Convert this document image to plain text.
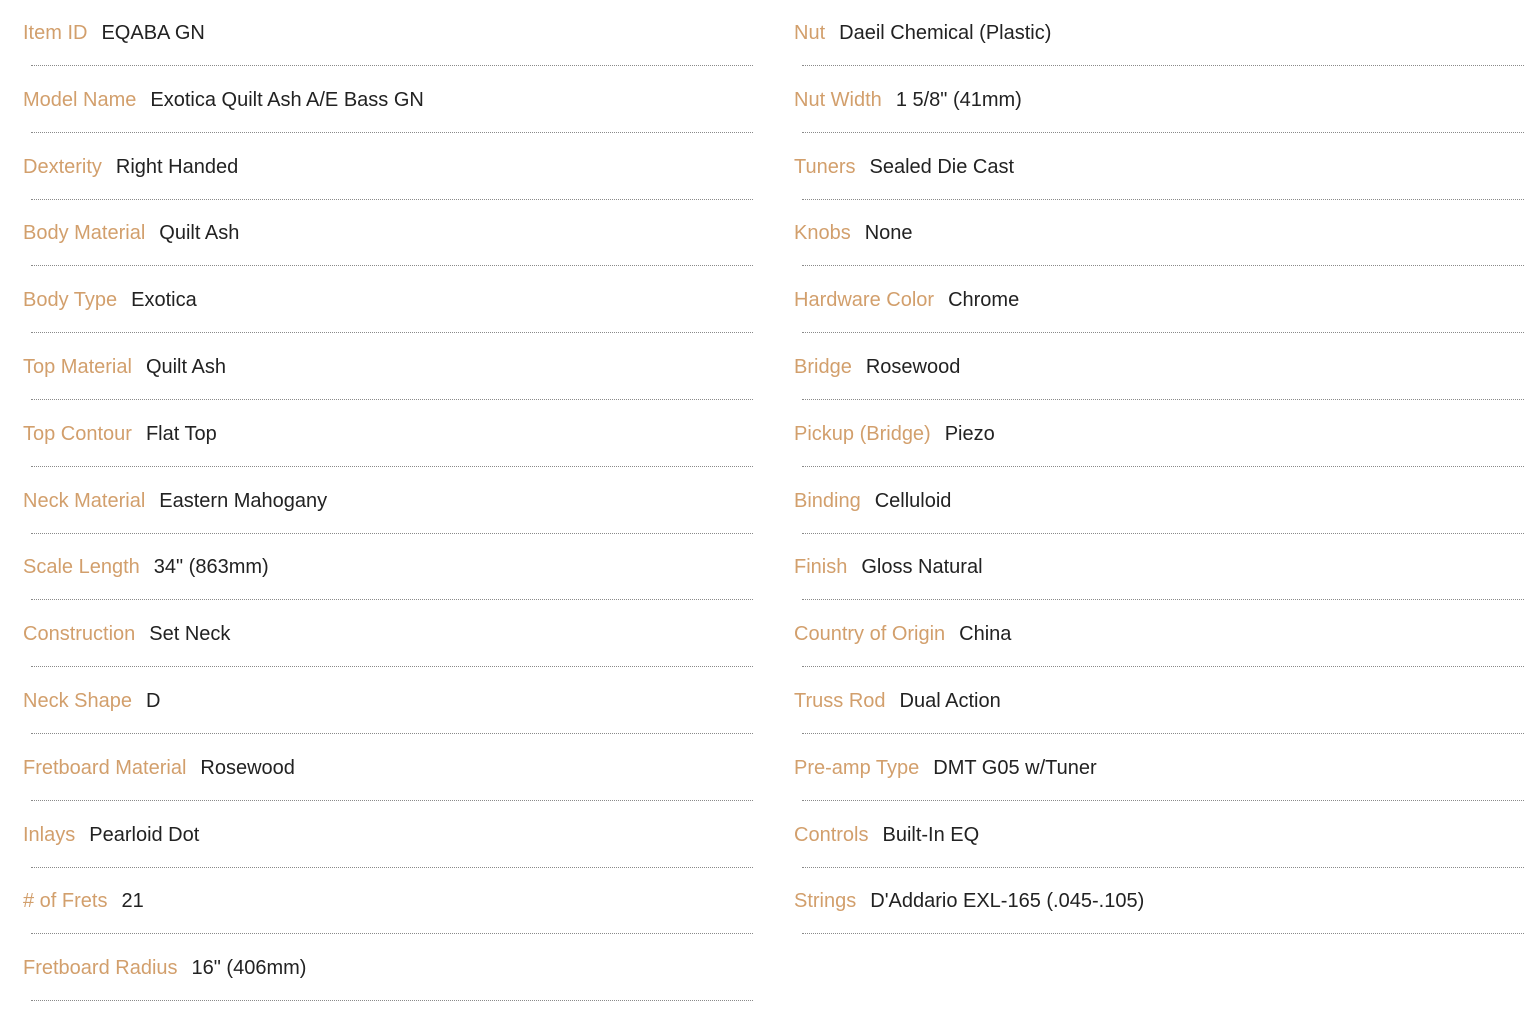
Item ID EQABA GN
Model Name Exotica Quilt Ash A/E Bass GN
Dexterity Right Handed
Body Material Quilt Ash
Body Type Exotica
Top Material Quilt Ash
Top Contour Flat Top
Neck Material Eastern Mahogany
Scale Length 34" (863mm)
Construction Set Neck
Neck Shape D
Fretboard Material Rosewood
Inlays Pearloid Dot
# of Frets 21
Fretboard Radius 16" (406mm)
Nut Daeil Chemical (Plastic)
Nut Width 1 5/8" (41mm)
Tuners Sealed Die Cast
Knobs None
Hardware Color Chrome
Bridge Rosewood
Pickup (Bridge) Piezo
Binding Celluloid
Finish Gloss Natural
Country of Origin China
Truss Rod Dual Action
Pre-amp Type DMT G05 w/Tuner
Controls Built-In EQ
Strings D'Addario EXL-165 (.045-.105)
